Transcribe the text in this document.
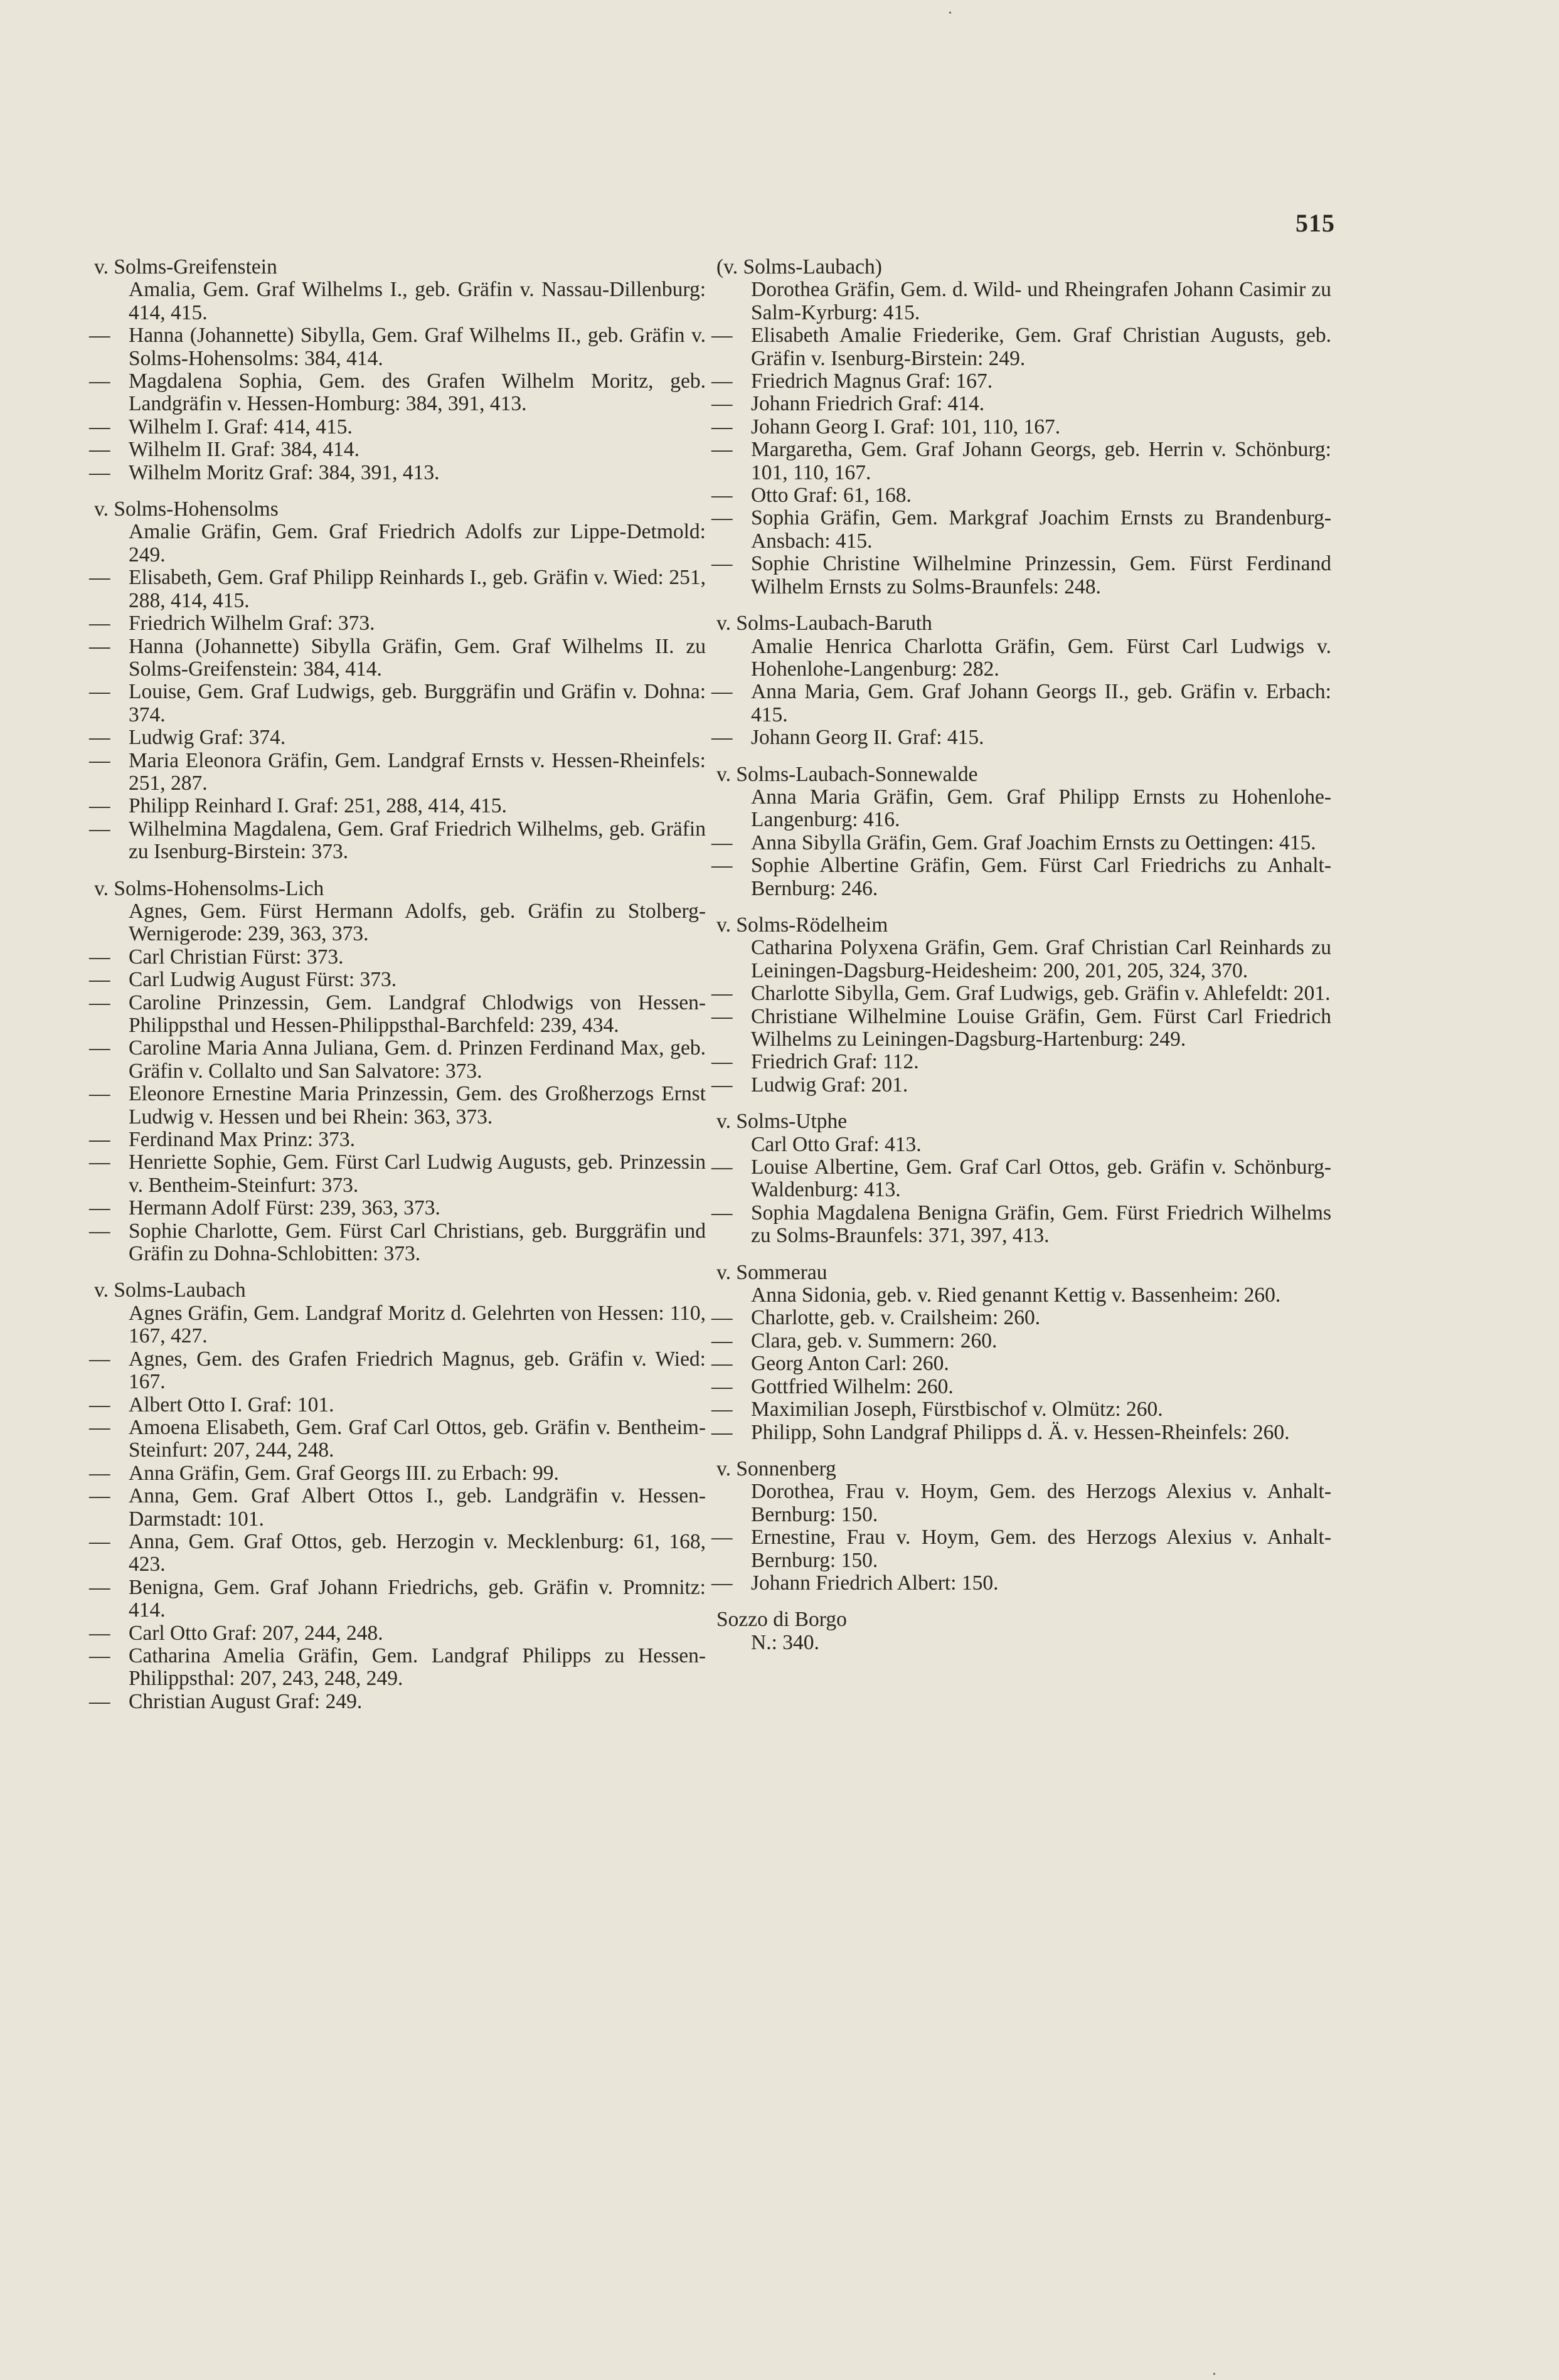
515
v. Solms-Greifenstein
Amalia, Gem. Graf Wilhelms I., geb. Gräfin v. Nassau-Dillenburg: 414, 415.
— Hanna (Johannette) Sibylla, Gem. Graf Wilhelms II., geb. Gräfin v. Solms-Hohensolms: 384, 414.
— Magdalena Sophia, Gem. des Grafen Wilhelm Moritz, geb. Landgräfin v. Hessen-Homburg: 384, 391, 413.
— Wilhelm I. Graf: 414, 415.
— Wilhelm II. Graf: 384, 414.
— Wilhelm Moritz Graf: 384, 391, 413.
v. Solms-Hohensolms
Amalie Gräfin, Gem. Graf Friedrich Adolfs zur Lippe-Detmold: 249.
— Elisabeth, Gem. Graf Philipp Reinhards I., geb. Gräfin v. Wied: 251, 288, 414, 415.
— Friedrich Wilhelm Graf: 373.
— Hanna (Johannette) Sibylla Gräfin, Gem. Graf Wilhelms II. zu Solms-Greifenstein: 384, 414.
— Louise, Gem. Graf Ludwigs, geb. Burggräfin und Gräfin v. Dohna: 374.
— Ludwig Graf: 374.
— Maria Eleonora Gräfin, Gem. Landgraf Ernsts v. Hessen-Rheinfels: 251, 287.
— Philipp Reinhard I. Graf: 251, 288, 414, 415.
— Wilhelmina Magdalena, Gem. Graf Friedrich Wilhelms, geb. Gräfin zu Isenburg-Birstein: 373.
v. Solms-Hohensolms-Lich
Agnes, Gem. Fürst Hermann Adolfs, geb. Gräfin zu Stolberg-Wernigerode: 239, 363, 373.
— Carl Christian Fürst: 373.
— Carl Ludwig August Fürst: 373.
— Caroline Prinzessin, Gem. Landgraf Chlodwigs von Hessen-Philippsthal und Hessen-Philippsthal-Barchfeld: 239, 434.
— Caroline Maria Anna Juliana, Gem. d. Prinzen Ferdinand Max, geb. Gräfin v. Collalto und San Salvatore: 373.
— Eleonore Ernestine Maria Prinzessin, Gem. des Großherzogs Ernst Ludwig v. Hessen und bei Rhein: 363, 373.
— Ferdinand Max Prinz: 373.
— Henriette Sophie, Gem. Fürst Carl Ludwig Augusts, geb. Prinzessin v. Bentheim-Steinfurt: 373.
— Hermann Adolf Fürst: 239, 363, 373.
— Sophie Charlotte, Gem. Fürst Carl Christians, geb. Burggräfin und Gräfin zu Dohna-Schlobitten: 373.
v. Solms-Laubach
Agnes Gräfin, Gem. Landgraf Moritz d. Gelehrten von Hessen: 110, 167, 427.
— Agnes, Gem. des Grafen Friedrich Magnus, geb. Gräfin v. Wied: 167.
— Albert Otto I. Graf: 101.
— Amoena Elisabeth, Gem. Graf Carl Ottos, geb. Gräfin v. Bentheim-Steinfurt: 207, 244, 248.
— Anna Gräfin, Gem. Graf Georgs III. zu Erbach: 99.
— Anna, Gem. Graf Albert Ottos I., geb. Landgräfin v. Hessen-Darmstadt: 101.
— Anna, Gem. Graf Ottos, geb. Herzogin v. Mecklenburg: 61, 168, 423.
— Benigna, Gem. Graf Johann Friedrichs, geb. Gräfin v. Promnitz: 414.
— Carl Otto Graf: 207, 244, 248.
— Catharina Amelia Gräfin, Gem. Landgraf Philipps zu Hessen-Philippsthal: 207, 243, 248, 249.
— Christian August Graf: 249.
(v. Solms-Laubach)
Dorothea Gräfin, Gem. d. Wild- und Rheingrafen Johann Casimir zu Salm-Kyrburg: 415.
— Elisabeth Amalie Friederike, Gem. Graf Christian Augusts, geb. Gräfin v. Isenburg-Birstein: 249.
— Friedrich Magnus Graf: 167.
— Johann Friedrich Graf: 414.
— Johann Georg I. Graf: 101, 110, 167.
— Margaretha, Gem. Graf Johann Georgs, geb. Herrin v. Schönburg: 101, 110, 167.
— Otto Graf: 61, 168.
— Sophia Gräfin, Gem. Markgraf Joachim Ernsts zu Brandenburg-Ansbach: 415.
— Sophie Christine Wilhelmine Prinzessin, Gem. Fürst Ferdinand Wilhelm Ernsts zu Solms-Braunfels: 248.
v. Solms-Laubach-Baruth
Amalie Henrica Charlotta Gräfin, Gem. Fürst Carl Ludwigs v. Hohenlohe-Langenburg: 282.
— Anna Maria, Gem. Graf Johann Georgs II., geb. Gräfin v. Erbach: 415.
— Johann Georg II. Graf: 415.
v. Solms-Laubach-Sonnewalde
Anna Maria Gräfin, Gem. Graf Philipp Ernsts zu Hohenlohe-Langenburg: 416.
— Anna Sibylla Gräfin, Gem. Graf Joachim Ernsts zu Oettingen: 415.
— Sophie Albertine Gräfin, Gem. Fürst Carl Friedrichs zu Anhalt-Bernburg: 246.
v. Solms-Rödelheim
Catharina Polyxena Gräfin, Gem. Graf Christian Carl Reinhards zu Leiningen-Dagsburg-Heidesheim: 200, 201, 205, 324, 370.
— Charlotte Sibylla, Gem. Graf Ludwigs, geb. Gräfin v. Ahlefeldt: 201.
— Christiane Wilhelmine Louise Gräfin, Gem. Fürst Carl Friedrich Wilhelms zu Leiningen-Dagsburg-Hartenburg: 249.
— Friedrich Graf: 112.
— Ludwig Graf: 201.
v. Solms-Utphe
Carl Otto Graf: 413.
— Louise Albertine, Gem. Graf Carl Ottos, geb. Gräfin v. Schönburg-Waldenburg: 413.
— Sophia Magdalena Benigna Gräfin, Gem. Fürst Friedrich Wilhelms zu Solms-Braunfels: 371, 397, 413.
v. Sommerau
Anna Sidonia, geb. v. Ried genannt Kettig v. Bassenheim: 260.
— Charlotte, geb. v. Crailsheim: 260.
— Clara, geb. v. Summern: 260.
— Georg Anton Carl: 260.
— Gottfried Wilhelm: 260.
— Maximilian Joseph, Fürstbischof v. Olmütz: 260.
— Philipp, Sohn Landgraf Philipps d. Ä. v. Hessen-Rheinfels: 260.
v. Sonnenberg
Dorothea, Frau v. Hoym, Gem. des Herzogs Alexius v. Anhalt-Bernburg: 150.
— Ernestine, Frau v. Hoym, Gem. des Herzogs Alexius v. Anhalt-Bernburg: 150.
— Johann Friedrich Albert: 150.
Sozzo di Borgo
N.: 340.
•
•
